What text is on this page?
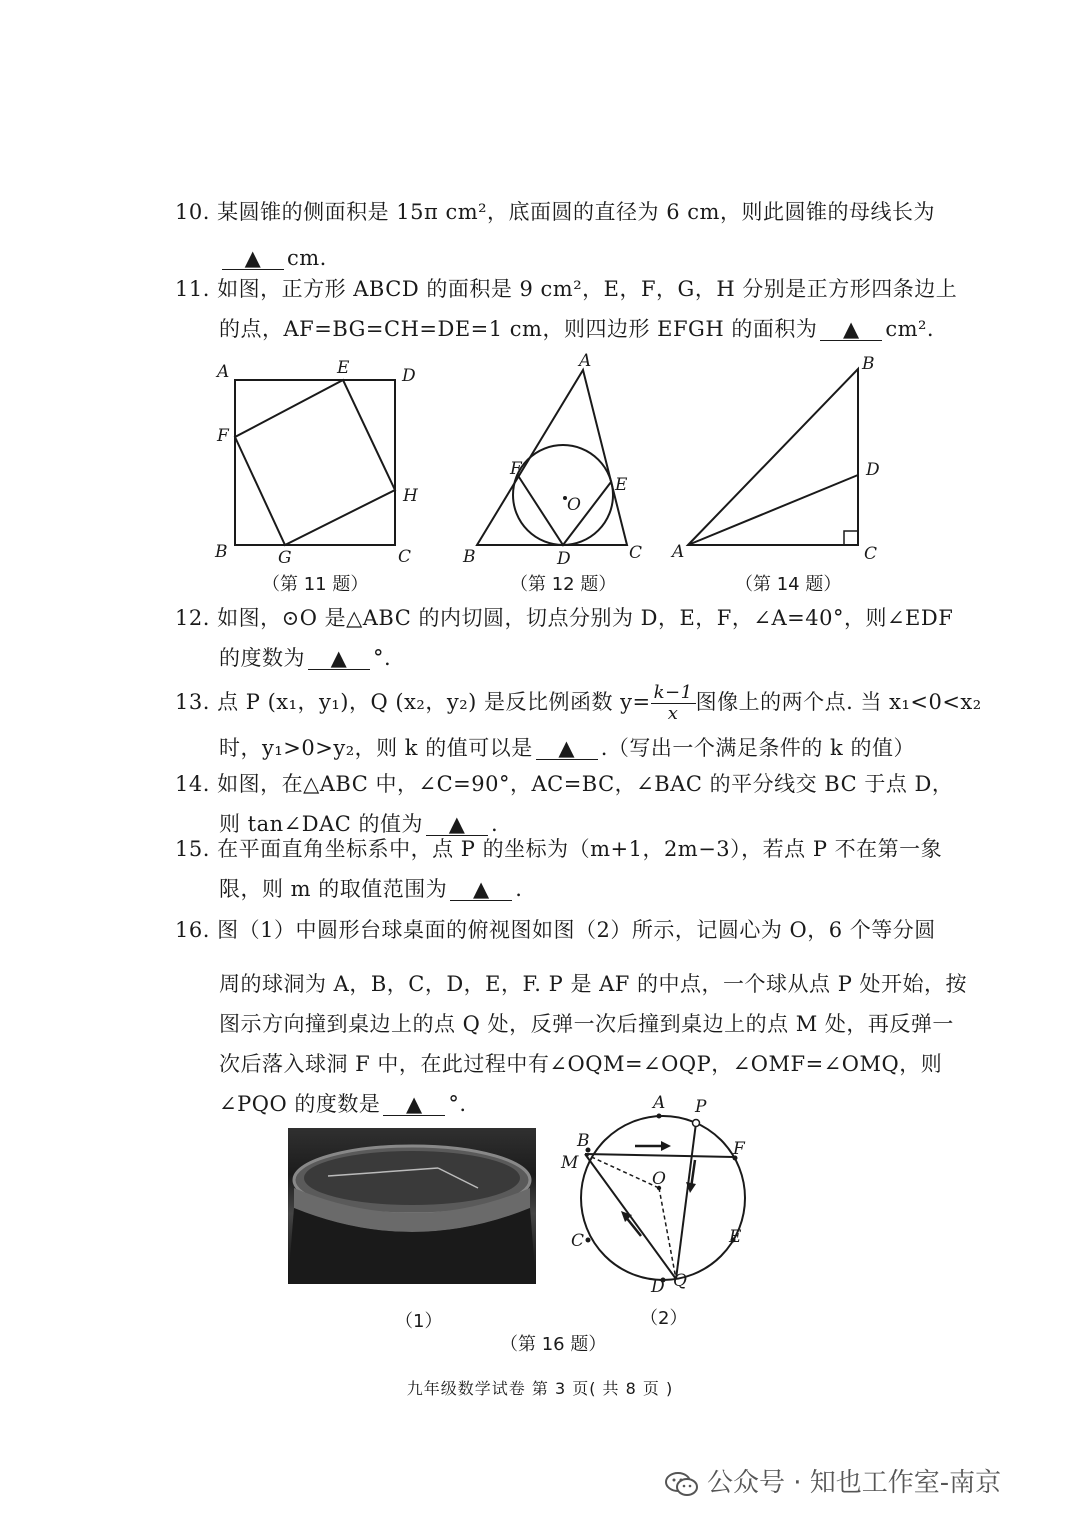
10. 某圆锥的侧面积是 15π cm²，底面圆的直径为 6 cm，则此圆锥的母线长为
▲ cm.
11. 如图，正方形 ABCD 的面积是 9 cm²，E，F，G，H 分别是正方形四条边上
的点，AF=BG=CH=DE=1 cm，则四边形 EFGH 的面积为 ▲ cm².
A	E	D
F
H
B	G	C
（第 11 题）
A
F
E
O
B	D	C
（第 12 题）
B
D
A	C
（第 14 题）
12. 如图，⊙O 是△ABC 的内切圆，切点分别为 D，E，F，∠A=40°，则∠EDF
的度数为 ▲ °.
13. 点 P (x₁，y₁)，Q (x₂，y₂) 是反比例函数 $y= \frac{k-1}{x}$ 图像上的两个点. 当 x₁<0<x₂
时，y₁>0>y₂，则 k 的值可以是 ▲ .（写出一个满足条件的 k 的值）
14. 如图，在△ABC 中，∠C=90°，AC=BC，∠BAC 的平分线交 BC 于点 D，
则 tan∠DAC 的值为 ▲ .
15. 在平面直角坐标系中，点 P 的坐标为（m+1，2m−3），若点 P 不在第一象
限，则 m 的取值范围为 ▲ .
16. 图（1）中圆形台球桌面的俯视图如图（2）所示，记圆心为 O，6 个等分圆
周的球洞为 A，B，C，D，E，F. P 是 AF 的中点，一个球从点 P 处开始，按
图示方向撞到桌边上的点 Q 处，反弹一次后撞到桌边上的点 M 处，再反弹一
次后落入球洞 F 中，在此过程中有∠OQM=∠OQP，∠OMF=∠OMQ，则
∠PQO 的度数是 ▲ °.
（1）
A P
B
M
F
O
C	E
D Q
（2）
（第 16 题）
九年级数学试卷 第 3 页( 共 8 页 )
公众号 · 知也工作室-南京
